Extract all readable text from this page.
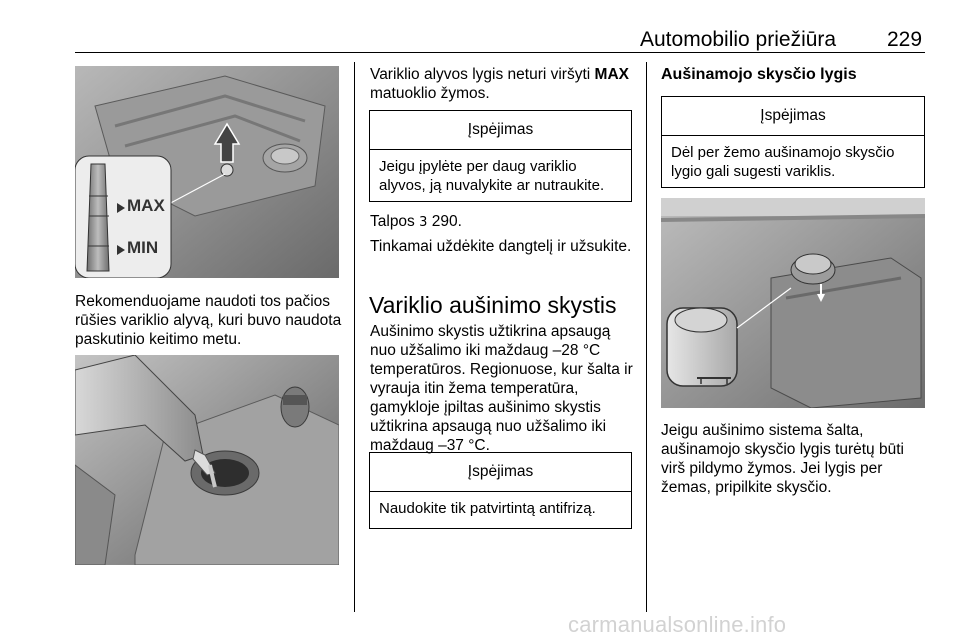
Automobilio priežiūra 229
MAX
MIN
Rekomenduojame naudoti tos pačios rūšies variklio alyvą, kuri buvo naudota paskutinio keitimo metu.
Variklio alyvos lygis neturi viršyti MAX matuoklio žymos.
Įspėjimas
Jeigu įpylėte per daug variklio alyvos, ją nuvalykite ar nutraukite.
Talpos 3 290.
Tinkamai uždėkite dangtelį ir užsukite.
Variklio aušinimo skystis
Aušinimo skystis užtikrina apsaugą nuo užšalimo iki maždaug –28 °C temperatūros. Regionuose, kur šalta ir vyrauja itin žema temperatūra, gamykloje įpiltas aušinimo skystis užtikrina apsaugą nuo užšalimo iki maždaug –37 °C.
Įspėjimas
Naudokite tik patvirtintą antifrizą.
Aušinamojo skysčio lygis
Įspėjimas
Dėl per žemo aušinamojo skysčio lygio gali sugesti variklis.
Jeigu aušinimo sistema šalta, aušinamojo skysčio lygis turėtų būti virš pildymo žymos. Jei lygis per žemas, pripilkite skysčio.
carmanualsonline.info
